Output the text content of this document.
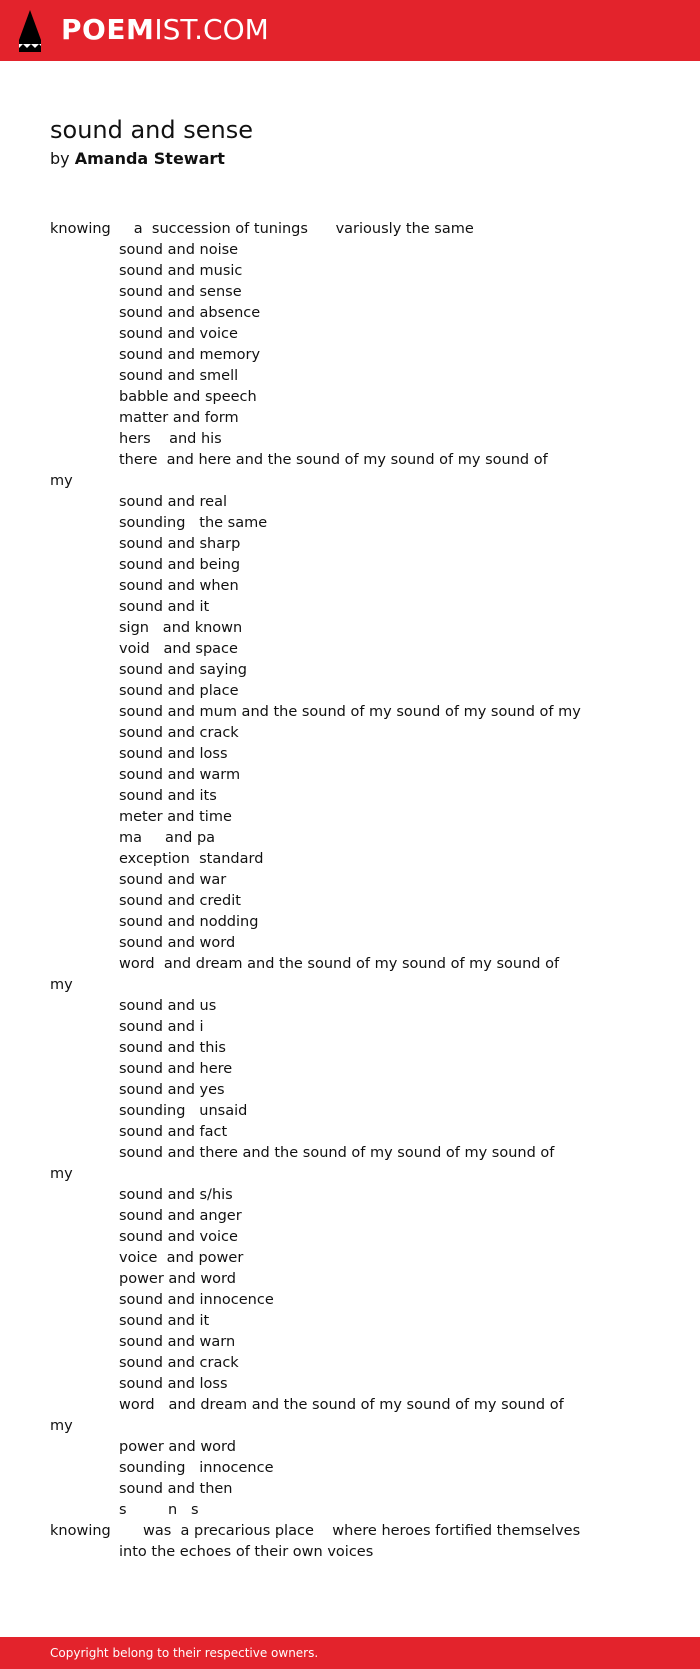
POEMIST.COM
sound and sense
by Amanda Stewart
knowing     a  succession of tunings      variously the same
sound and noise
sound and music
sound and sense
sound and absence
sound and voice
sound and memory
sound and smell
babble and speech
matter and form
hers    and his
there  and here and the sound of my sound of my sound of
my
sound and real
sounding   the same
sound and sharp
sound and being
sound and when
sound and it
sign   and known
void   and space
sound and saying
sound and place
sound and mum and the sound of my sound of my sound of my
sound and crack
sound and loss
sound and warm
sound and its
meter and time
ma     and pa
exception  standard
sound and war
sound and credit
sound and nodding
sound and word
word  and dream and the sound of my sound of my sound of
my
sound and us
sound and i
sound and this
sound and here
sound and yes
sounding   unsaid
sound and fact
sound and there and the sound of my sound of my sound of
my
sound and s/his
sound and anger
sound and voice
voice  and power
power and word
sound and innocence
sound and it
sound and warn
sound and crack
sound and loss
word   and dream and the sound of my sound of my sound of
my
power and word
sounding   innocence
sound and then
s         n   s
knowing       was  a precarious place    where heroes fortified themselves
into the echoes of their own voices
Copyright belong to their respective owners.
